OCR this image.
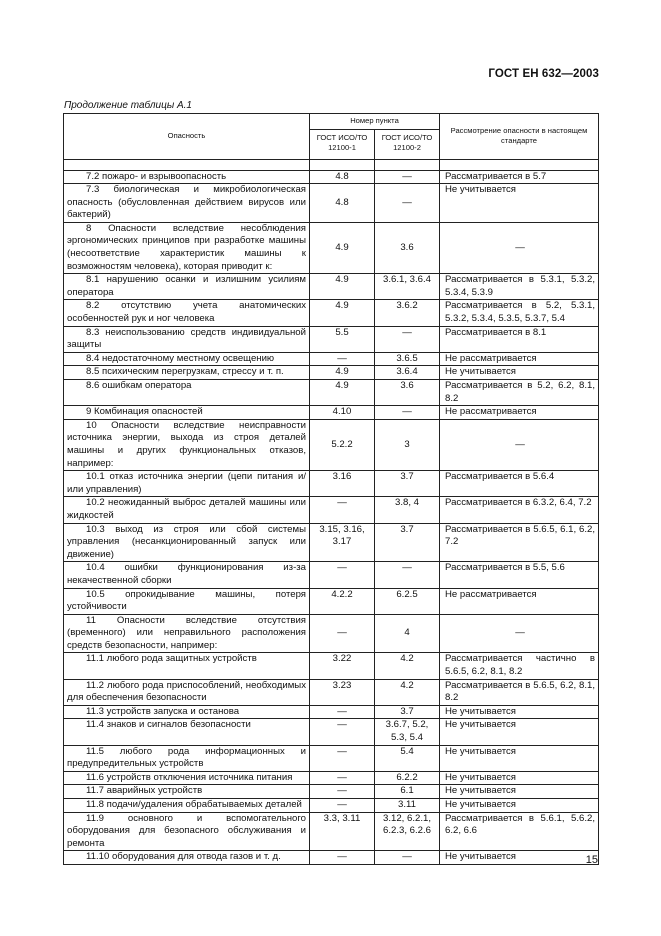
ГОСТ ЕН 632—2003
Продолжение таблицы А.1
Опасность	Номер пункта		Рассмотрение опасности в настоящем стандарте
	ГОСТ ИСО/ТО 12100-1	ГОСТ ИСО/ТО 12100-2	

7.2 пожаро- и взрывоопасность	4.8	—	Рассматривается в 5.7
7.3 биологическая и микробиологическая опасность (обусловленная действием вирусов или бактерий)	4.8	—	Не учитывается
8 Опасности вследствие несоблюдения эргономических принципов при разработке машины (несоответствие характеристик машины к возможностям человека), которая приводит к:	4.9	3.6	—
8.1 нарушению осанки и излишним усилиям оператора	4.9	3.6.1, 3.6.4	Рассматривается в 5.3.1, 5.3.2, 5.3.4, 5.3.9
8.2 отсутствию учета анатомических особенностей рук и ног человека	4.9	3.6.2	Рассматривается в 5.2, 5.3.1, 5.3.2, 5.3.4, 5.3.5, 5.3.7, 5.4
8.3 неиспользованию средств индивидуальной защиты	5.5	—	Рассматривается в 8.1
8.4 недостаточному местному освещению	—	3.6.5	Не рассматривается
8.5 психическим перегрузкам, стрессу и т. п.	4.9	3.6.4	Не учитывается
8.6 ошибкам оператора	4.9	3.6	Рассматривается в 5.2, 6.2, 8.1, 8.2
9 Комбинация опасностей	4.10	—	Не рассматривается
10 Опасности вследствие неисправности источника энергии, выхода из строя деталей машины и других функциональных отказов, например:	5.2.2	3	—
10.1 отказ источника энергии (цепи питания и/или управления)	3.16	3.7	Рассматривается в 5.6.4
10.2 неожиданный выброс деталей машины или жидкостей	—	3.8, 4	Рассматривается в 6.3.2, 6.4, 7.2
10.3 выход из строя или сбой системы управления (несанкционированный запуск или движение)	3.15, 3.16, 3.17	3.7	Рассматривается в 5.6.5, 6.1, 6.2, 7.2
10.4 ошибки функционирования из-за некачественной сборки	—	—	Рассматривается в 5.5, 5.6
10.5 опрокидывание машины, потеря устойчивости	4.2.2	6.2.5	Не рассматривается
11 Опасности вследствие отсутствия (временного) или неправильного расположения средств безопасности, например:	—	4	—
11.1 любого рода защитных устройств	3.22	4.2	Рассматривается частично в 5.6.5, 6.2, 8.1, 8.2
11.2 любого рода приспособлений, необходимых для обеспечения безопасности	3.23	4.2	Рассматривается в 5.6.5, 6.2, 8.1, 8.2
11.3 устройств запуска и останова	—	3.7	Не учитывается
11.4 знаков и сигналов безопасности	—	3.6.7, 5.2, 5.3, 5.4	Не учитывается
11.5 любого рода информационных и предупредительных устройств	—	5.4	Не учитывается
11.6 устройств отключения источника питания	—	6.2.2	Не учитывается
11.7 аварийных устройств	—	6.1	Не учитывается
11.8 подачи/удаления обрабатываемых деталей	—	3.11	Не учитывается
11.9 основного и вспомогательного оборудования для безопасного обслуживания и ремонта	3.3, 3.11	3.12, 6.2.1, 6.2.3, 6.2.6	Рассматривается в 5.6.1, 5.6.2, 6.2, 6.6
11.10 оборудования для отвода газов и т. д.	—	—	Не учитывается	15
